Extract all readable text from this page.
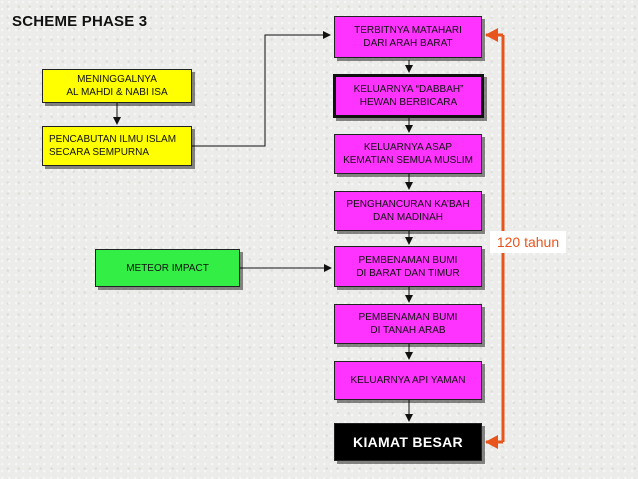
SCHEME PHASE 3
MENINGGALNYA
AL MAHDI & NABI ISA
PENCABUTAN ILMU ISLAM
SECARA SEMPURNA
METEOR IMPACT
TERBITNYA MATAHARI
DARI ARAH BARAT
KELUARNYA “DABBAH”
HEWAN BERBICARA
KELUARNYA ASAP
KEMATIAN SEMUA MUSLIM
PENGHANCURAN KA’BAH
DAN MADINAH
PEMBENAMAN BUMI
DI BARAT DAN TIMUR
PEMBENAMAN BUMI
DI TANAH ARAB
KELUARNYA API YAMAN
KIAMAT BESAR
120 tahun
